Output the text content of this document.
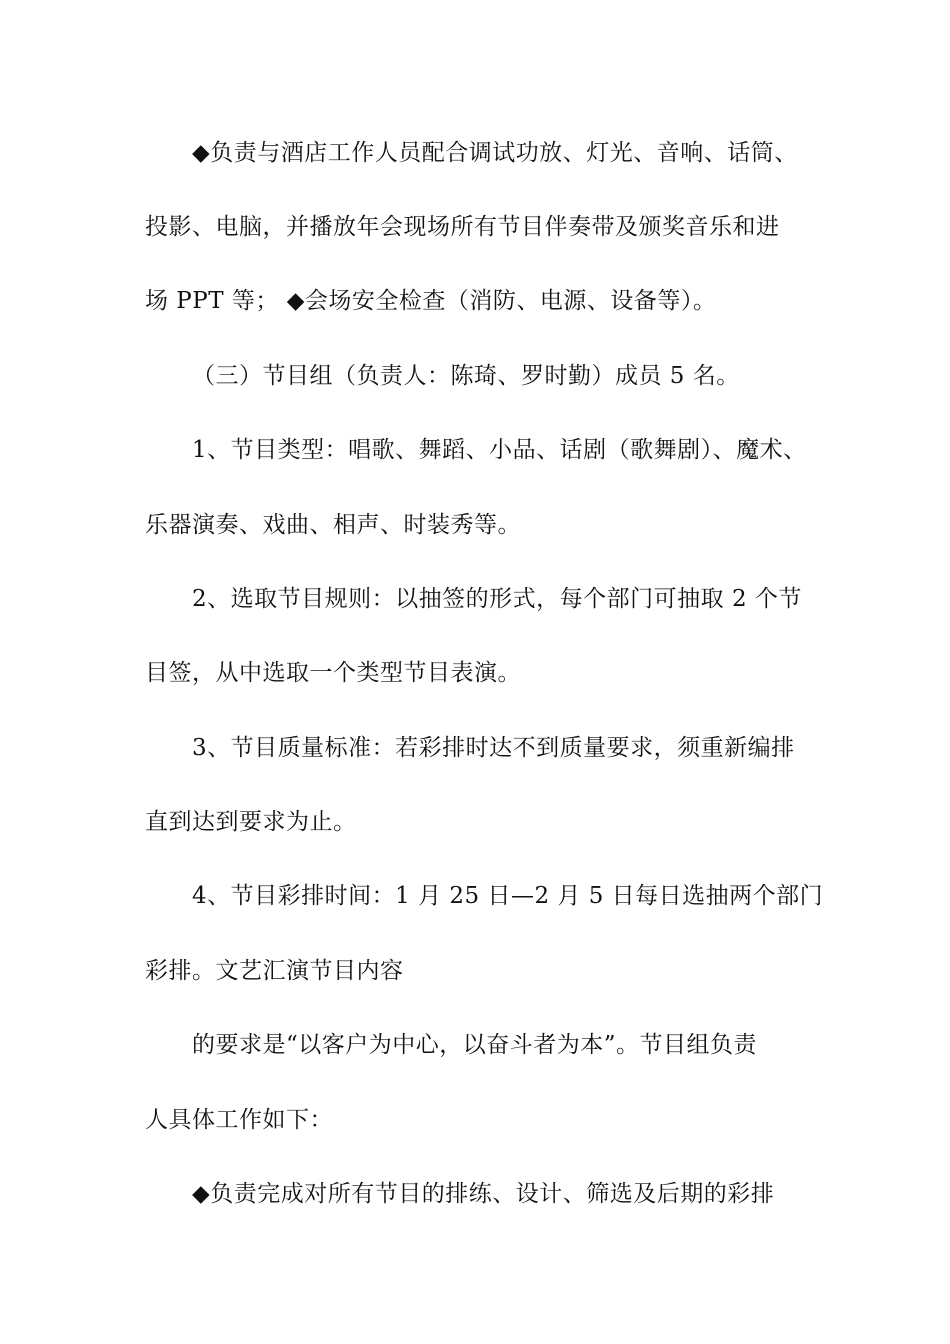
◆负责与酒店工作人员配合调试功放、灯光、音响、话筒、
投影、电脑，并播放年会现场所有节目伴奏带及颁奖音乐和进
场 PPT 等； ◆会场安全检查（消防、电源、设备等）。
（三）节目组（负责人：陈琦、罗时勤）成员 5 名。
1、节目类型：唱歌、舞蹈、小品、话剧（歌舞剧）、魔术、
乐器演奏、戏曲、相声、时装秀等。
2、选取节目规则：以抽签的形式，每个部门可抽取 2 个节
目签，从中选取一个类型节目表演。
3、节目质量标准：若彩排时达不到质量要求，须重新编排
直到达到要求为止。
4、节目彩排时间：1 月 25 日—2 月 5 日每日选抽两个部门
彩排。文艺汇演节目内容
的要求是“以客户为中心，以奋斗者为本”。节目组负责
人具体工作如下：
◆负责完成对所有节目的排练、设计、筛选及后期的彩排
